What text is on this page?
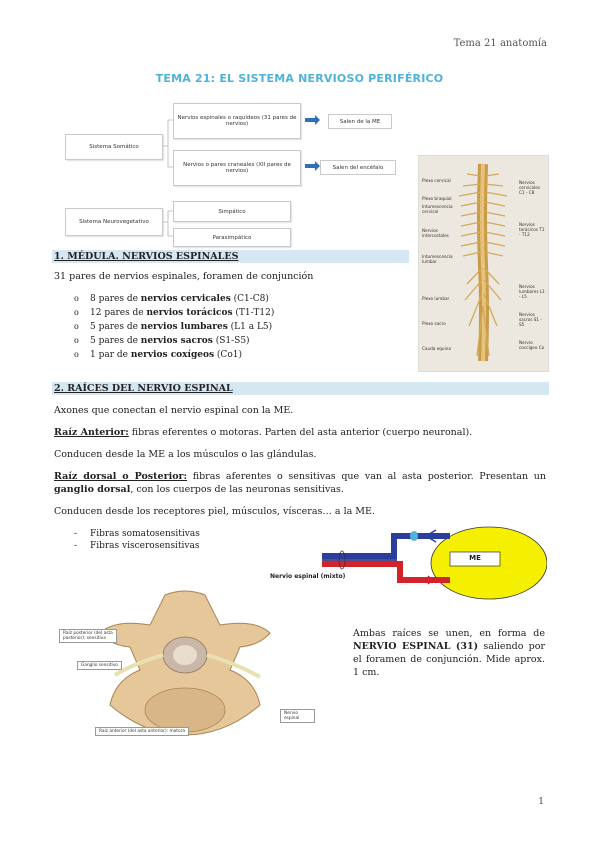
Tema 21 anatomía
TEMA 21: EL SISTEMA NERVIOSO PERIFÉRICO
Sistema Somático
Nervios espinales o raquídeos (31 pares de nervios)
Nervios o pares craneales (XII pares de nervios)
Salen de la ME
Salen del encéfalo
Sistema Neurovegetativo
Simpático
Parasimpático
Plexo cervical
Plexo braquial
Intumescencia cervical
Nervios intercostales
Intumescencia lumbar
Plexo lumbar
Plexo sacro
Cauda equina
Nervios cervicales C1 - C8
Nervios torácicos T1 - T12
Nervios lumbares L1 - L5
Nervios sacros S1 - S5
Nervio coccígeo Co
1. MÉDULA. NERVIOS ESPINALES
31 pares de nervios espinales, foramen de conjunción
o	8 pares de nervios cervicales (C1-C8)
o	12 pares de nervios torácicos (T1-T12)
o	5 pares de nervios lumbares (L1 a L5)
o	5 pares de nervios sacros (S1-S5)
o	1 par de nervios coxígeos (Co1)
2. RAÍCES DEL NERVIO ESPINAL
Axones que conectan el nervio espinal con la ME.
Raíz Anterior: fibras eferentes o motoras. Parten del asta anterior (cuerpo neuronal).
Conducen desde la ME a los músculos o las glándulas.
Raíz dorsal o Posterior: fibras aferentes o sensitivas que van al asta posterior. Presentan un ganglio dorsal, con los cuerpos de las neuronas sensitivas.
Conducen desde los receptores piel, músculos, vísceras… a la ME.
-	Fibras somatosensitivas
-	Fibras viscerosensitivas
ME
Nervio espinal (mixto)
Raíz posterior (del asta posterior): sensitiva
Ganglio sensitivo
Nervio espinal
Raíz anterior (del asta anterior): motora
Ambas raíces se unen, en forma de NERVIO ESPINAL (31) saliendo por el foramen de conjunción. Mide aprox. 1 cm.
1
